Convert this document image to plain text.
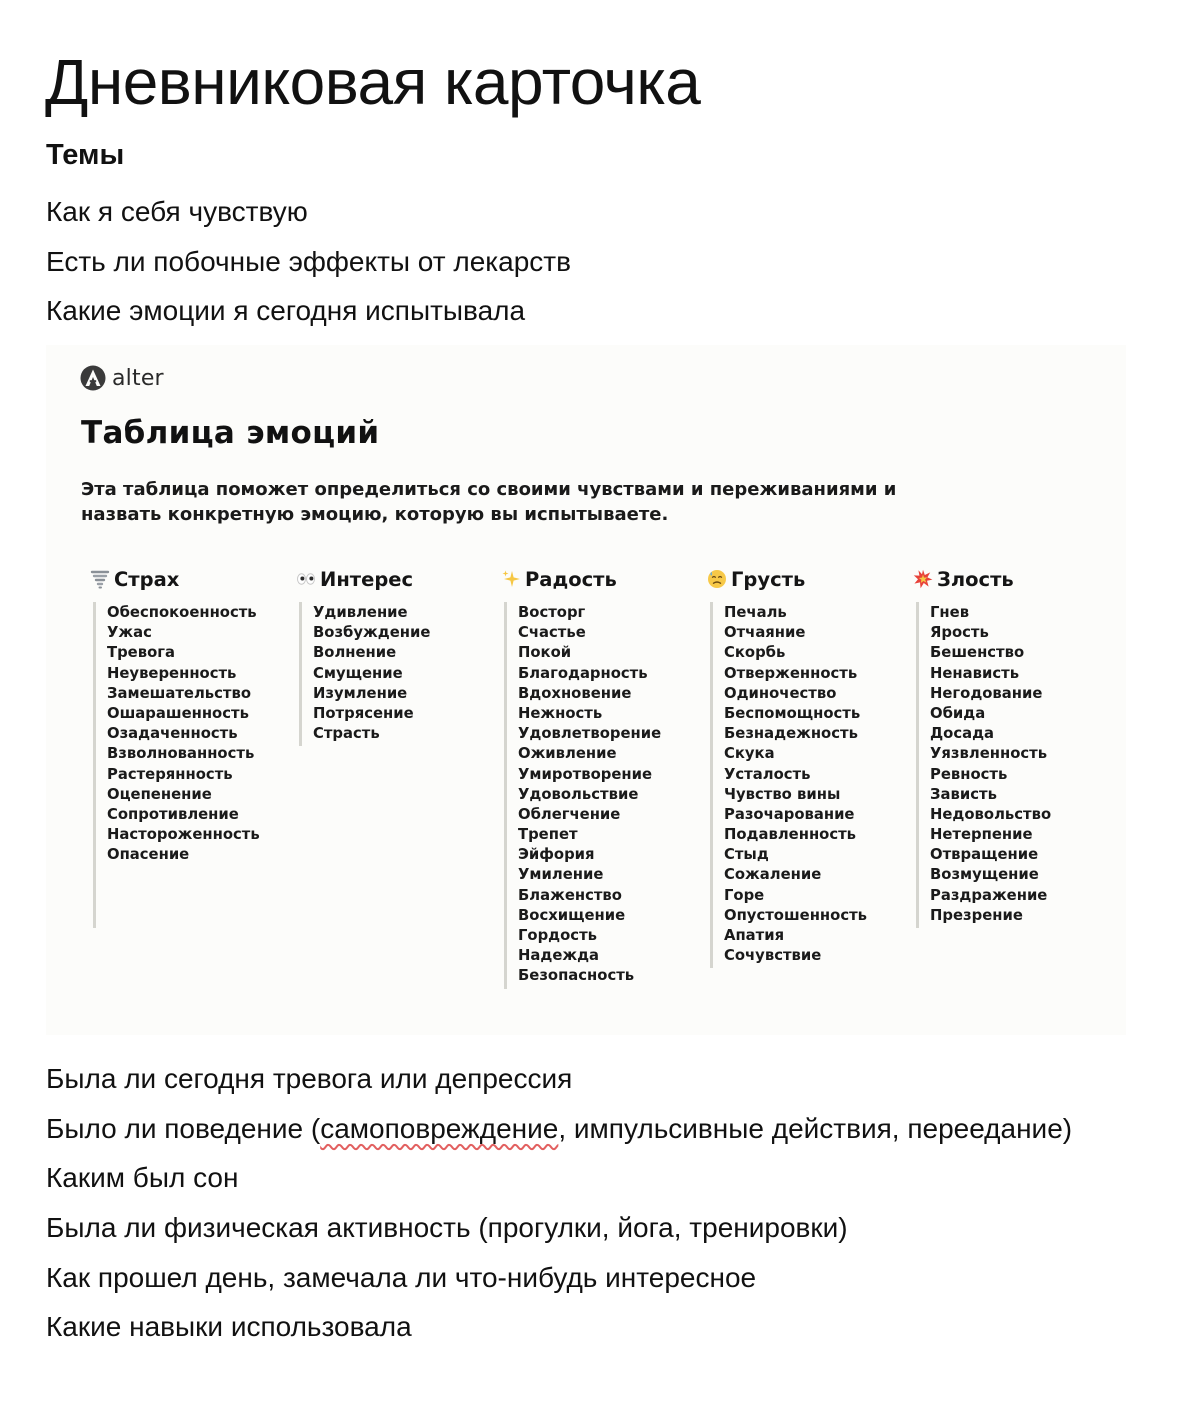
Дневниковая карточка
Темы
Как я себя чувствую
Есть ли побочные эффекты от лекарств
Какие эмоции я сегодня испытывала
alter
Таблица эмоций

Эта таблица поможет определиться со своими чувствами и переживаниями и назвать конкретную эмоцию, которую вы испытываете.

Страх
Обеспокоенность
Ужас
Тревога
Неуверенность
Замешательство
Ошарашенность
Озадаченность
Взволнованность
Растерянность
Оцепенение
Сопротивление
Настороженность
Опасение
Интерес
Удивление
Возбуждение
Волнение
Смущение
Изумление
Потрясение
Страсть
Радость
Восторг
Счастье
Покой
Благодарность
Вдохновение
Нежность
Удовлетворение
Оживление
Умиротворение
Удовольствие
Облегчение
Трепет
Эйфория
Умиление
Блаженство
Восхищение
Гордость
Надежда
Безопасность
Грусть
Печаль
Отчаяние
Скорбь
Отверженность
Одиночество
Беспомощность
Безнадежность
Скука
Усталость
Чувство вины
Разочарование
Подавленность
Стыд
Сожаление
Горе
Опустошенность
Апатия
Сочувствие
Злость
Гнев
Ярость
Бешенство
Ненависть
Негодование
Обида
Досада
Уязвленность
Ревность
Зависть
Недовольство
Нетерпение
Отвращение
Возмущение
Раздражение
Презрение
Была ли сегодня тревога или депрессия
Было ли поведение (самоповреждение, импульсивные действия, переедание)
Каким был сон
Была ли физическая активность (прогулки, йога, тренировки)
Как прошел день, замечала ли что-нибудь интересное
Какие навыки использовала
